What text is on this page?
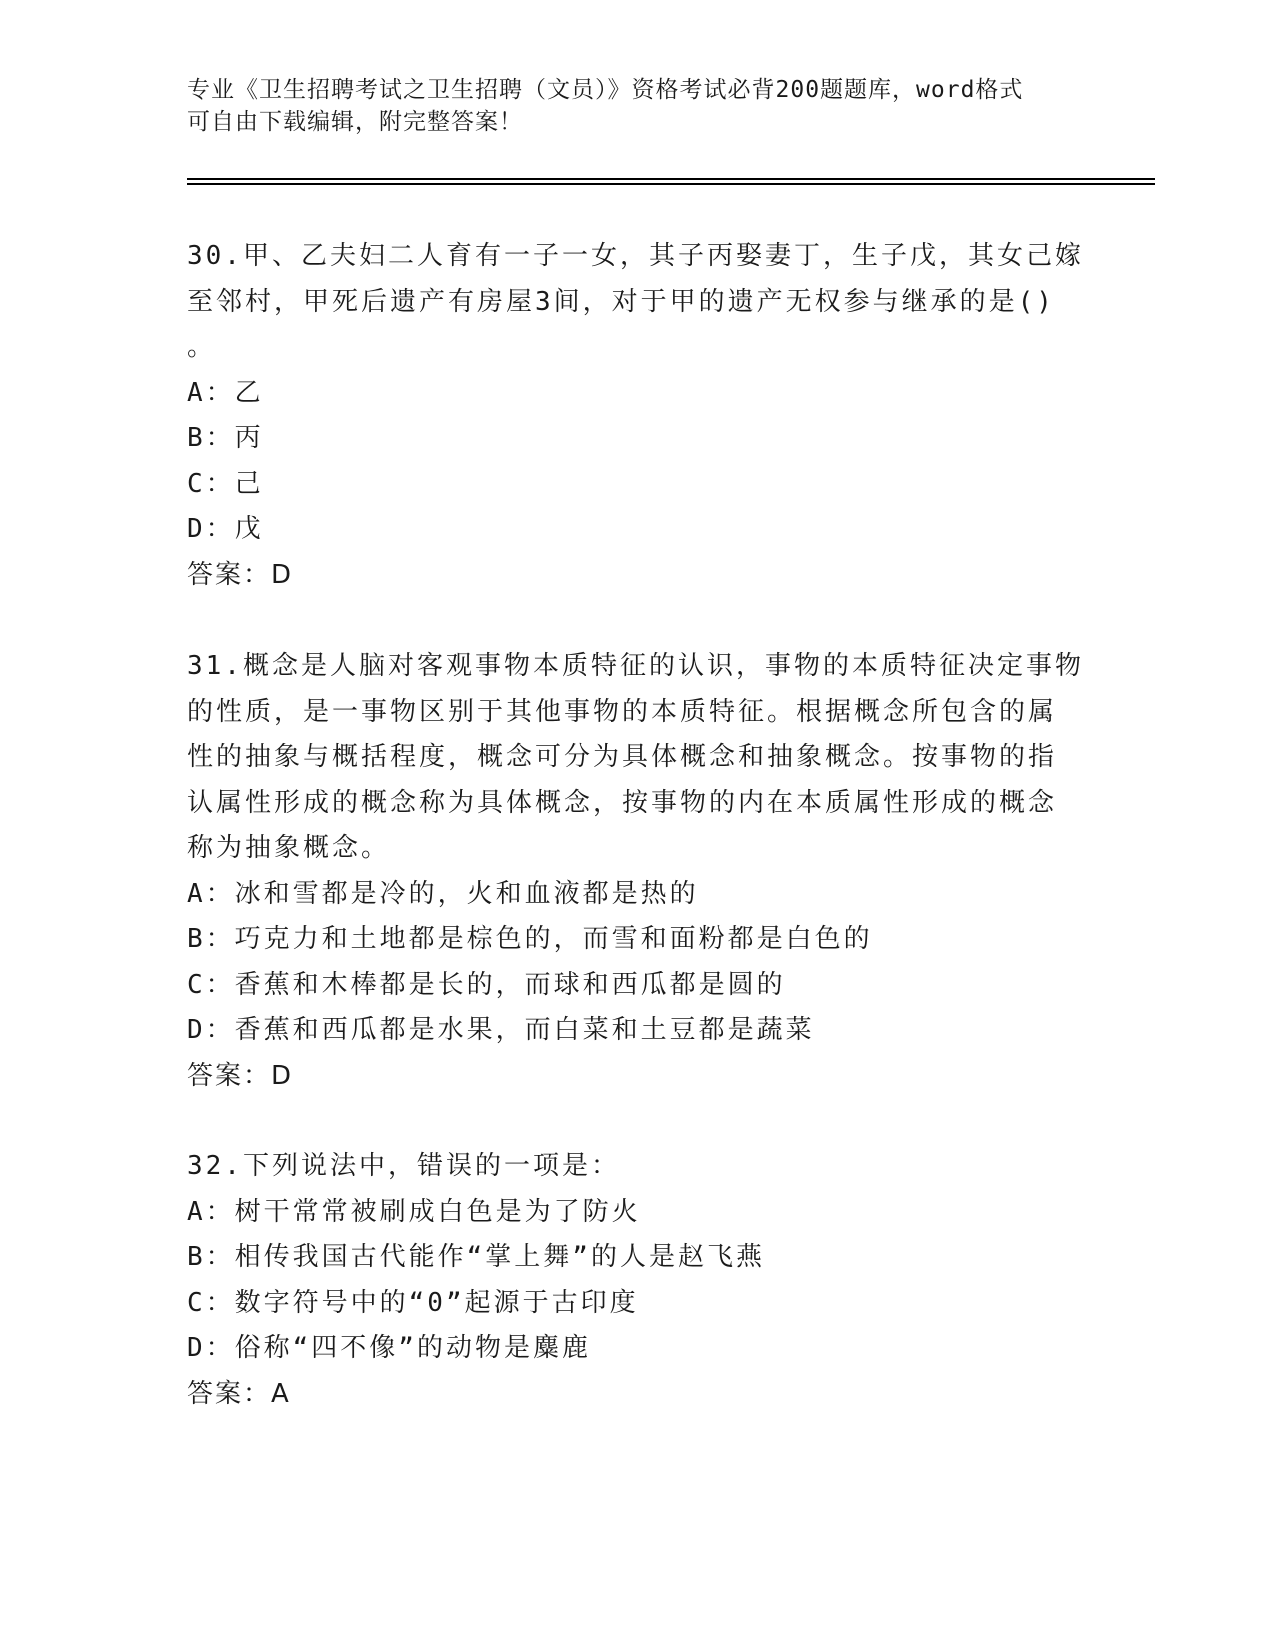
专业《卫生招聘考试之卫生招聘（文员）》资格考试必背200题题库，word格式
可自由下载编辑，附完整答案！
30.甲、乙夫妇二人育有一子一女，其子丙娶妻丁，生子戊，其女己嫁
至邻村，甲死后遗产有房屋3间，对于甲的遗产无权参与继承的是()
。
A：乙
B：丙
C：己
D：戊
答案：D
31.概念是人脑对客观事物本质特征的认识，事物的本质特征决定事物
的性质，是一事物区别于其他事物的本质特征。根据概念所包含的属
性的抽象与概括程度，概念可分为具体概念和抽象概念。按事物的指
认属性形成的概念称为具体概念，按事物的内在本质属性形成的概念
称为抽象概念。
A：冰和雪都是冷的，火和血液都是热的
B：巧克力和土地都是棕色的，而雪和面粉都是白色的
C：香蕉和木棒都是长的，而球和西瓜都是圆的
D：香蕉和西瓜都是水果，而白菜和土豆都是蔬菜
答案：D
32.下列说法中，错误的一项是：
A：树干常常被刷成白色是为了防火
B：相传我国古代能作“掌上舞”的人是赵飞燕
C：数字符号中的“0”起源于古印度
D：俗称“四不像”的动物是麋鹿
答案：A
